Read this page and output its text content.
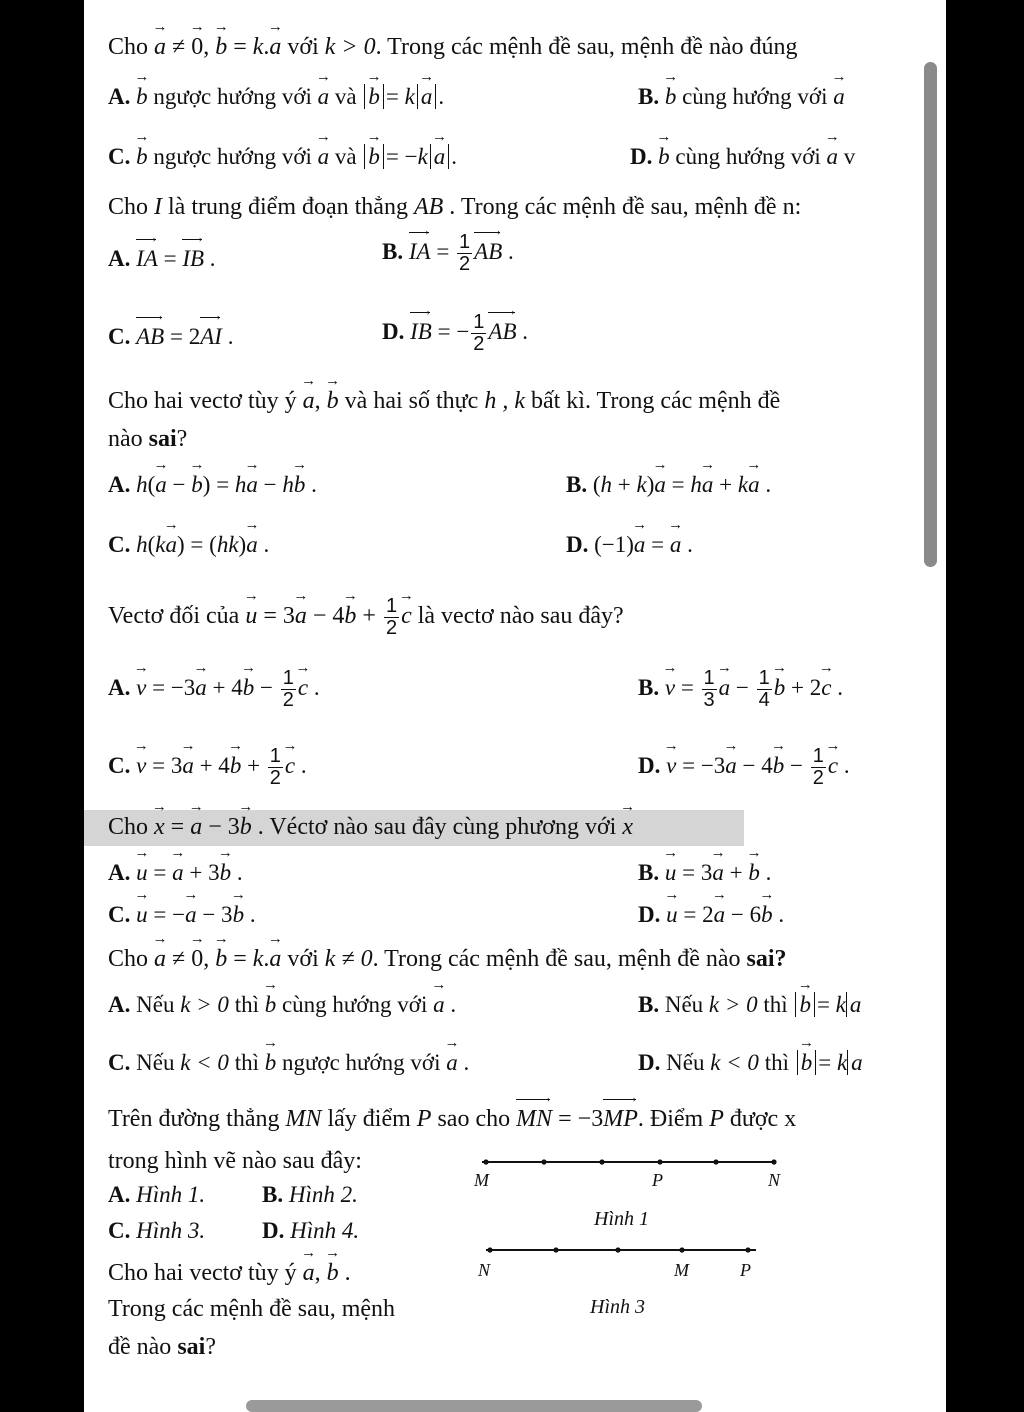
Cho → a ≠ → 0, → b = k.→ a với k > 0. Trong các mệnh đề sau, mệnh đề nào đúng
A. → b ngược hướng với → a và → b = k→ a .	B. → b cùng hướng với → a
C. → b ngược hướng với → a và → b = −k→ a .	D. → b cùng hướng với → a v
Cho I là trung điểm đoạn thẳng AB . Trong các mệnh đề sau, mệnh đề n:
A. → IA = → IB .	B. → IA = $\frac{1}{2}$
→ AB .
C. → AB = 2→ AI .	D. → IB = − $\frac{1}{2}$
→ AB .
Cho hai vectơ tùy ý → a, → b và hai số thực h , k bất kì. Trong các mệnh đề
nào sai?
A. h(→ a − → b) = h→ a − h→ b .	B. (h + k)→ a = h→ a + k→ a .
C. h(k→ a) = (hk)→ a .	D. (−1)→ a = → a .
Vectơ đối của → $u = 3\to a - 4\to b + \frac{1}{2}$
→ c là vectơ nào sau đây?
A. → $v = -3\to a + 4\to b - \frac{1}{2}$
→ c .	B. → $v = \frac{1}{3}$
→ $a - \frac{1}{4}$
→ b + 2→ c .
C. → $v = 3\to a + 4\to b + \frac{1}{2}$
→ c .	D. → $v = -3\to a - 4\to b - \frac{1}{2}$
→ c .
Cho → x = → a − 3→ b . Véctơ nào sau đây cùng phương với → x
A. → u = → a + 3→ b .	B. → u = 3→ a + → b .
C. → u = −→ a − 3→ b .	D. → u = 2→ a − 6→ b .
Cho → a ≠ → 0, → b = k.→ a với k ≠ 0. Trong các mệnh đề sau, mệnh đề nào sai?
A. Nếu k > 0 thì → b cùng hướng với → a .	B. Nếu k > 0 thì → b = k a
C. Nếu k < 0 thì → b ngược hướng với → a .	D. Nếu k < 0 thì → b = k a
Trên đường thẳng MN lấy điểm P sao cho → MN = −3→ MP. Điểm P được x
trong hình vẽ nào sau đây:
A. Hình 1. B. Hình 2.
C. Hình 3. D. Hình 4.
M	P	N
Hình 1
Cho hai vectơ tùy ý → a, → b .
Trong các mệnh đề sau, mệnh
đề nào sai?
N	M	P
Hình 3
